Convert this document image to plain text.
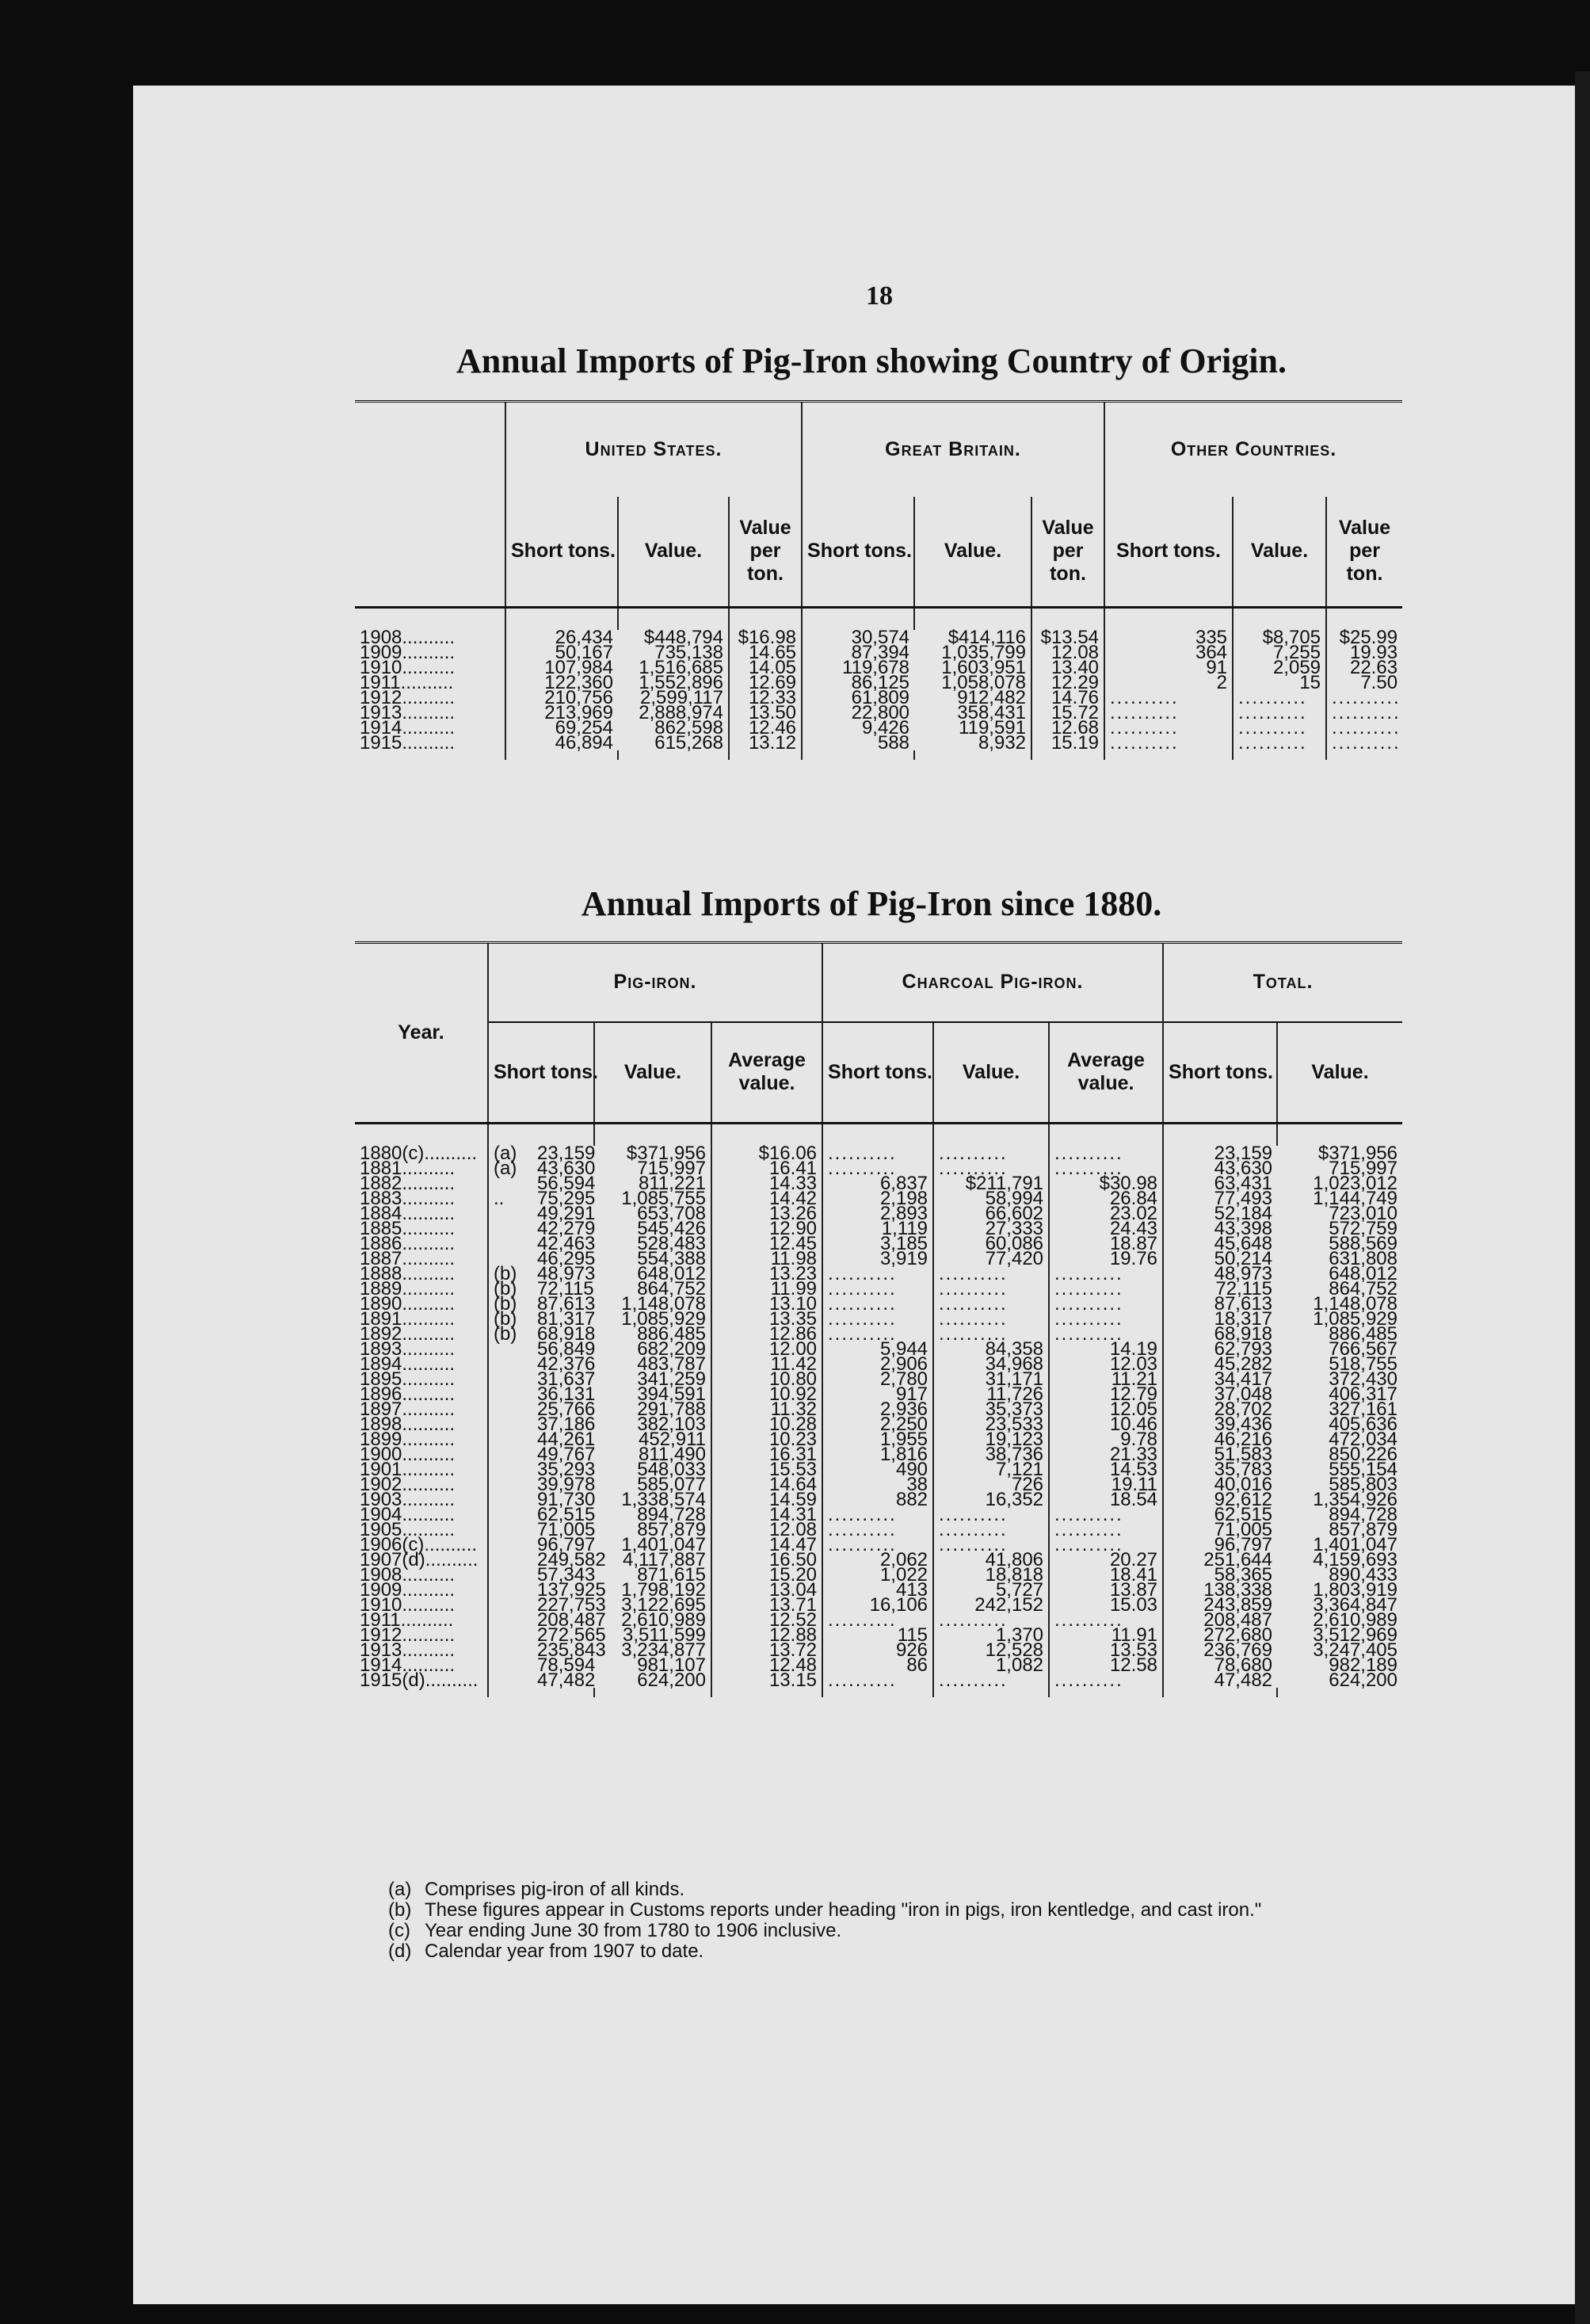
18
Annual Imports of Pig-Iron showing Country of Origin.
	United States.			Great Britain.			Other Countries.		
	Short tons.	Value.	Value per ton.	Short tons.	Value.	Value per ton.	Short tons.	Value.	Value per ton.

1908..........	26,434	$448,794	$16.98	30,574	$414,116	$13.54	335	$8,705	$25.99
1909..........	50,167	735,138	14.65	87,394	1,035,799	12.08	364	7,255	19.93
1910..........	107,984	1,516,685	14.05	119,678	1,603,951	13.40	91	2,059	22.63
1911..........	122,360	1,552,896	12.69	86,125	1,058,078	12.29	2	15	7.50
1912..........	210,756	2,599,117	12.33	61,809	912,482	14.76	..........	..........	..........
1913..........	213,969	2,888,974	13.50	22,800	358,431	15.72	..........	..........	..........
1914..........	69,254	862,598	12.46	9,426	119,591	12.68	..........	..........	..........
1915..........	46,894	615,268	13.12	588	8,932	15.19	..........	..........	..........

Annual Imports of Pig-Iron since 1880.
Year.	Pig-iron.				Charcoal Pig-iron.			Total.	
	Short tons.		Value.	Average value.	Short tons.	Value.	Average value.	Short tons.	Value.

1880(c)..........	(a)	23,159	$371,956	$16.06	..........	..........	..........	23,159	$371,956
1881..........	(a)	43,630	715,997	16.41	..........	..........	..........	43,630	715,997
1882..........		56,594	811,221	14.33	6,837	$211,791	$30.98	63,431	1,023,012
1883..........	..	75,295	1,085,755	14.42	2,198	58,994	26.84	77,493	1,144,749
1884..........		49,291	653,708	13.26	2,893	66,602	23.02	52,184	723,010
1885..........		42,279	545,426	12.90	1,119	27,333	24.43	43,398	572,759
1886..........		42,463	528,483	12.45	3,185	60,086	18.87	45,648	588,569
1887..........		46,295	554,388	11.98	3,919	77,420	19.76	50,214	631,808
1888..........	(b)	48,973	648,012	13.23	..........	..........	..........	48,973	648,012
1889..........	(b)	72,115	864,752	11.99	..........	..........	..........	72,115	864,752
1890..........	(b)	87,613	1,148,078	13.10	..........	..........	..........	87,613	1,148,078
1891..........	(b)	81,317	1,085,929	13.35	..........	..........	..........	18,317	1,085,929
1892..........	(b)	68,918	886,485	12.86	..........	..........	..........	68,918	886,485
1893..........		56,849	682,209	12.00	5,944	84,358	14.19	62,793	766,567
1894..........		42,376	483,787	11.42	2,906	34,968	12.03	45,282	518,755
1895..........		31,637	341,259	10.80	2,780	31,171	11.21	34,417	372,430
1896..........		36,131	394,591	10.92	917	11,726	12.79	37,048	406,317
1897..........		25,766	291,788	11.32	2,936	35,373	12.05	28,702	327,161
1898..........		37,186	382,103	10.28	2,250	23,533	10.46	39,436	405,636
1899..........		44,261	452,911	10.23	1,955	19,123	9.78	46,216	472,034
1900..........		49,767	811,490	16.31	1,816	38,736	21.33	51,583	850,226
1901..........		35,293	548,033	15.53	490	7,121	14.53	35,783	555,154
1902..........		39,978	585,077	14.64	38	726	19.11	40,016	585,803
1903..........		91,730	1,338,574	14.59	882	16,352	18.54	92,612	1,354,926
1904..........		62,515	894,728	14.31	..........	..........	..........	62,515	894,728
1905..........		71,005	857,879	12.08	..........	..........	..........	71,005	857,879
1906(c)..........		96,797	1,401,047	14.47	..........	..........	..........	96,797	1,401,047
1907(d)..........		249,582	4,117,887	16.50	2,062	41,806	20.27	251,644	4,159,693
1908..........		57,343	871,615	15.20	1,022	18,818	18.41	58,365	890,433
1909..........		137,925	1,798,192	13.04	413	5,727	13.87	138,338	1,803,919
1910..........		227,753	3,122,695	13.71	16,106	242,152	15.03	243,859	3,364,847
1911..........		208,487	2,610,989	12.52	..........	..........	..........	208,487	2,610,989
1912..........		272,565	3,511,599	12.88	115	1,370	11.91	272,680	3,512,969
1913..........		235,843	3,234,877	13.72	926	12,528	13.53	236,769	3,247,405
1914..........		78,594	981,107	12.48	86	1,082	12.58	78,680	982,189
1915(d)..........		47,482	624,200	13.15	..........	..........	..........	47,482	624,200

(a) Comprises pig-iron of all kinds.
(b) These figures appear in Customs reports under heading "iron in pigs, iron kentledge, and cast iron."
(c) Year ending June 30 from 1780 to 1906 inclusive.
(d) Calendar year from 1907 to date.
